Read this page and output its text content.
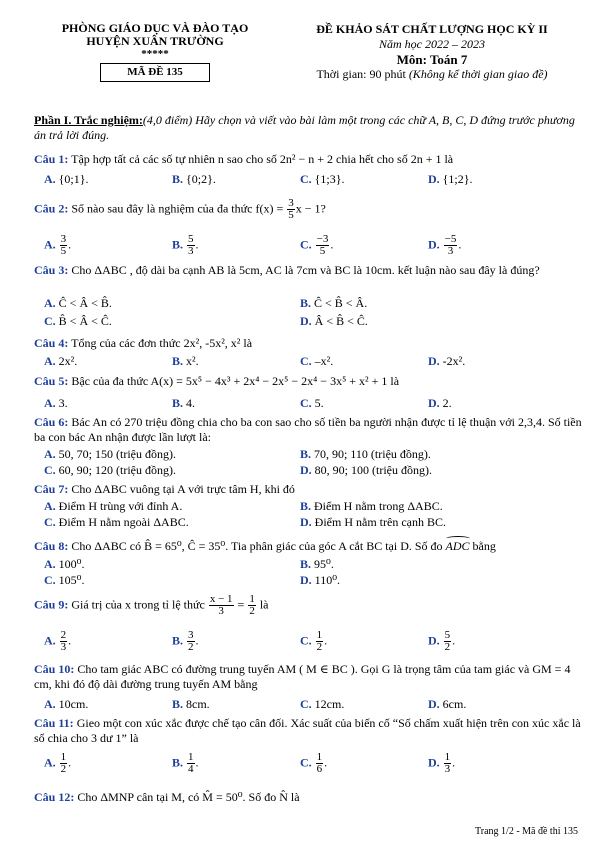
PHÒNG GIÁO DỤC VÀ ĐÀO TẠO
HUYỆN XUÂN TRƯỜNG
*****
MÃ ĐỀ 135
ĐỀ KHẢO SÁT CHẤT LƯỢNG HỌC KỲ II
Năm học 2022 – 2023
Môn: Toán 7
Thời gian: 90 phút (Không kể thời gian giao đề)
Phần I. Trắc nghiệm:(4,0 điểm) Hãy chọn và viết vào bài làm một trong các chữ A, B, C, D đứng trước phương án trả lời đúng.
Câu 1: Tập hợp tất cả các số tự nhiên n sao cho số 2n² − n + 2 chia hết cho số 2n + 1 là
A. {0;1}.	B. {0;2}.	C. {1;3}.	D. {1;2}.
Câu 2: Số nào sau đây là nghiệm của đa thức $f(x) = \frac{3}{5}$ x − 1?
A. $\frac{3}{5}$ .	B. $\frac{5}{3}$ .	C. $\frac{-3}{5}$ .	D. $\frac{-5}{3}$ .
Câu 3: Cho ΔABC , độ dài ba cạnh AB là 5cm, AC là 7cm và BC là 10cm. kết luận nào sau đây là đúng?
A. Ĉ < Â < B̂.	B. Ĉ < B̂ < Â.
C. B̂ < Â < Ĉ.	D. Â < B̂ < Ĉ.
Câu 4: Tổng của các đơn thức 2x², -5x², x² là
A. 2x².	B. x².	C. –x².	D. -2x².
Câu 5: Bậc của đa thức A(x) = 5x⁵ − 4x³ + 2x⁴ − 2x⁵ − 2x⁴ − 3x⁵ + x² + 1 là
A. 3.	B. 4.	C. 5.	D. 2.
Câu 6: Bác An có 270 triệu đồng chia cho ba con sao cho số tiền ba người nhận được tỉ lệ thuận với 2,3,4. Số tiền ba con bác An nhận được lần lượt là:
A. 50, 70; 150 (triệu đồng).	B. 70, 90; 110 (triệu đồng).
C. 60, 90; 120 (triệu đồng).	D. 80, 90; 100 (triệu đồng).
Câu 7: Cho ΔABC vuông tại A với trực tâm H, khi đó
A. Điểm H trùng với đỉnh A.	B. Điểm H nằm trong ΔABC.
C. Điểm H nằm ngoài ΔABC.	D. Điểm H nằm trên cạnh BC.
Câu 8: Cho ΔABC có B̂ = 65⁰, Ĉ = 35⁰. Tia phân giác của góc A cắt BC tại D. Số đo ADC bằng
A. 100⁰.	B. 95⁰.
C. 105⁰.	D. 110⁰.
Câu 9: Giá trị của x trong tỉ lệ thức $\frac{x - 1}{3} = \frac{1}{2}$ là
A. $\frac{2}{3}$ .	B. $\frac{3}{2}$ .	C. $\frac{1}{2}$ .	D. $\frac{5}{2}$ .
Câu 10: Cho tam giác ABC có đường trung tuyến AM ( M ∈ BC ). Gọi G là trọng tâm của tam giác và GM = 4 cm, khi đó độ dài đường trung tuyến AM bằng
A. 10cm.	B. 8cm.	C. 12cm.	D. 6cm.
Câu 11: Gieo một con xúc xắc được chế tạo cân đối. Xác suất của biến cố “Số chấm xuất hiện trên con xúc xắc là số chia cho 3 dư 1” là
A. $\frac{1}{2}$ .	B. $\frac{1}{4}$ .	C. $\frac{1}{6}$ .	D. $\frac{1}{3}$ .
Câu 12: Cho ΔMNP cân tại M, có M̂ = 50⁰. Số đo N̂ là
Trang 1/2 - Mã đề thi 135
